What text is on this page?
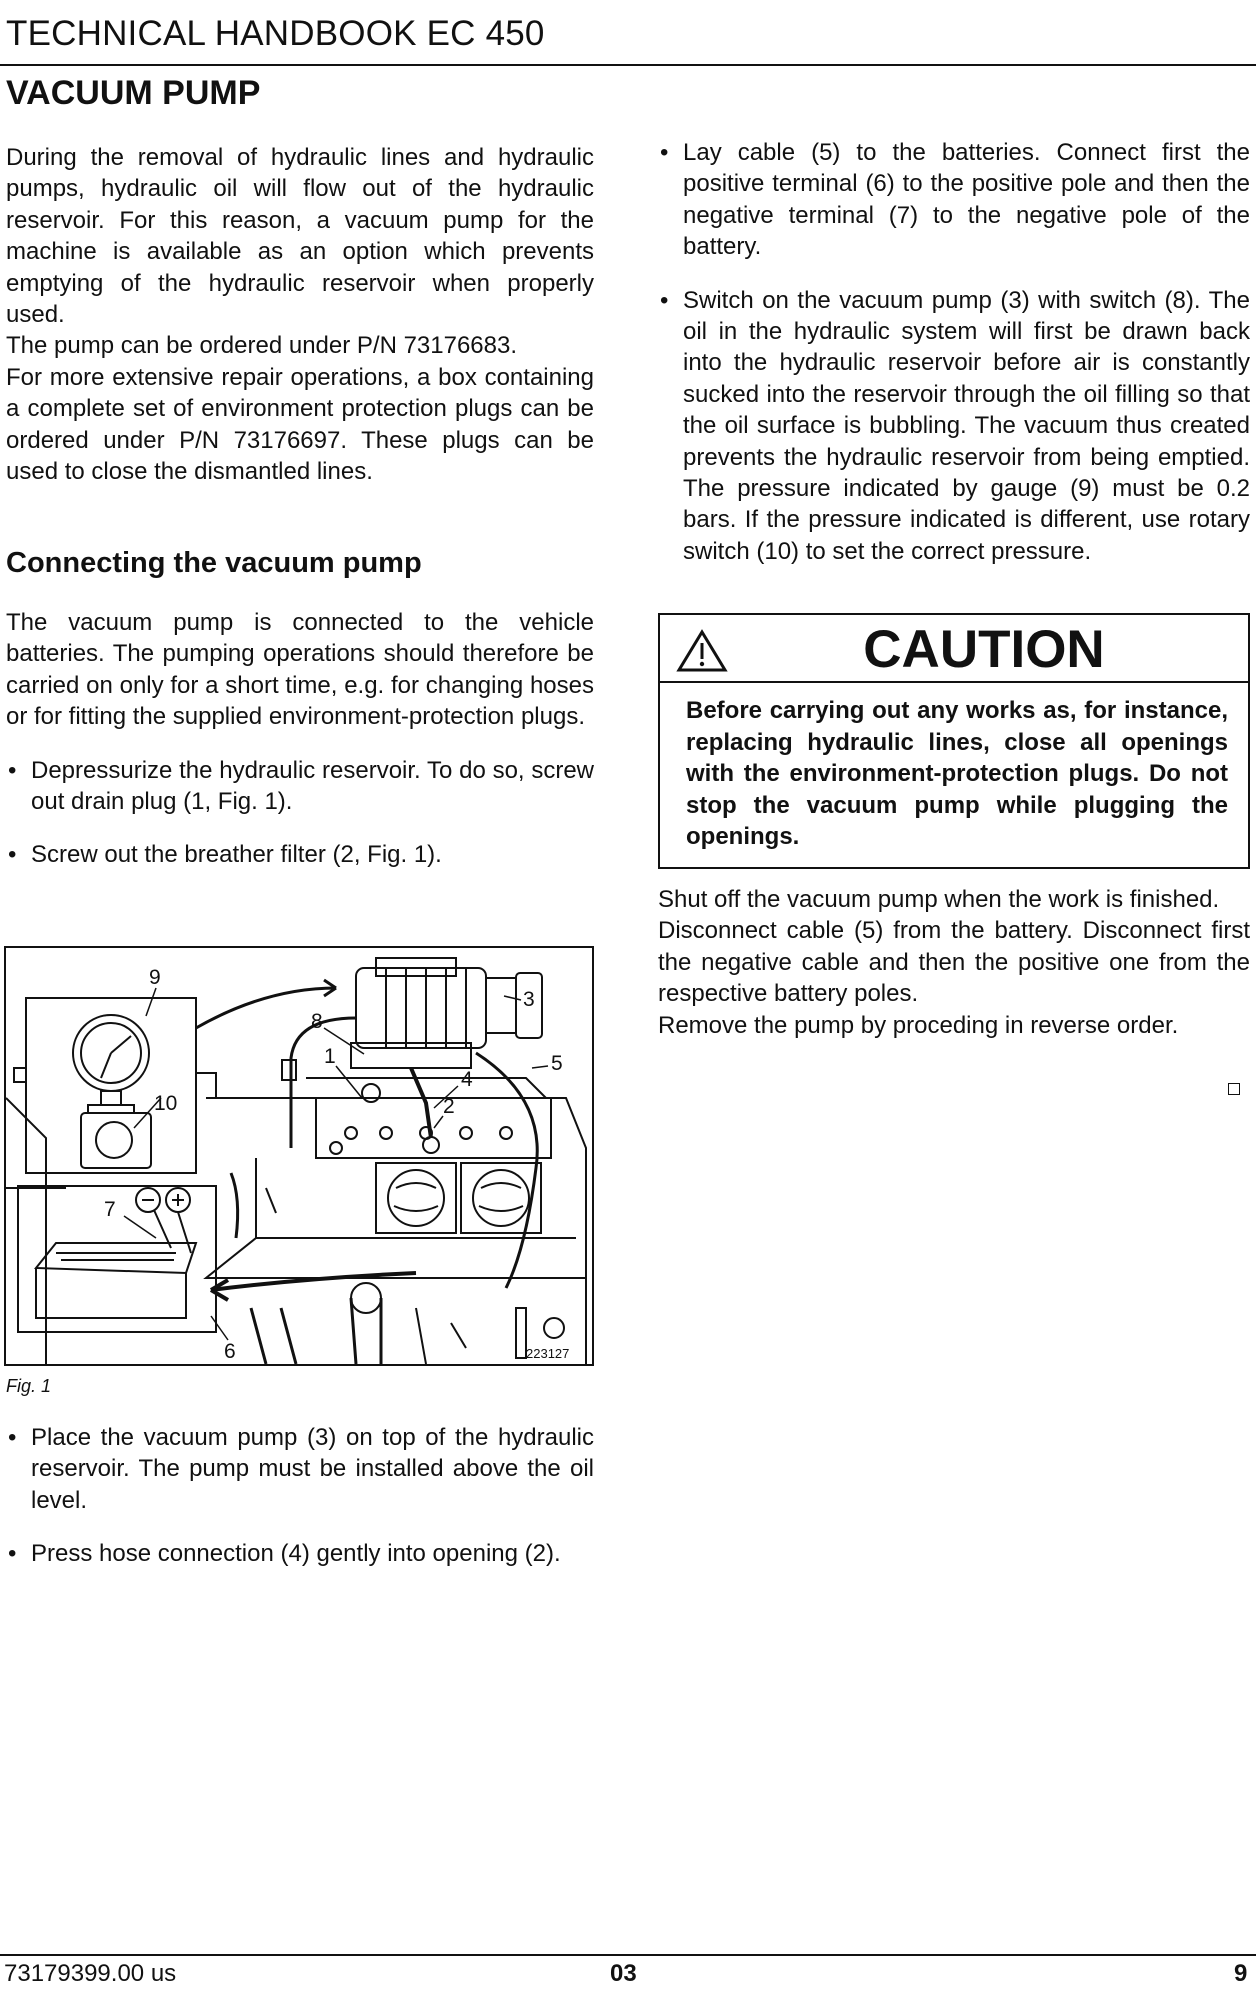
TECHNICAL HANDBOOK EC 450
VACUUM PUMP

During the removal of hydraulic lines and hydraulic pumps, hydraulic oil will flow out of the hydraulic reservoir. For this reason, a vacuum pump for the machine is available as an option which prevents emptying of the hydraulic reservoir when properly used.

The pump can be ordered under P/N 73176683.

For more extensive repair operations, a box containing a complete set of environment protection plugs can be ordered under P/N 73176697. These plugs can be used to close the dismantled lines.

Connecting the vacuum pump

The vacuum pump is connected to the vehicle batteries. The pumping operations should therefore be carried on only for a short time, e.g. for changing hoses or for fitting the supplied environment-protection plugs.

• Depressurize the hydraulic reservoir. To do so, screw out drain plug (1, Fig. 1).

• Screw out the breather filter (2, Fig. 1).

9
3
8
1
4
5
10	2
7
6	223127
Fig. 1

• Place the vacuum pump (3) on top of the hydraulic reservoir. The pump must be installed above the oil level.

• Press hose connection (4) gently into opening (2).

• Lay cable (5) to the batteries. Connect first the positive terminal (6) to the positive pole and then the negative terminal (7) to the negative pole of the battery.

• Switch on the vacuum pump (3) with switch (8). The oil in the hydraulic system will first be drawn back into the hydraulic reservoir before air is constantly sucked into the reservoir through the oil filling so that the oil surface is bubbling. The vacuum thus created prevents the hydraulic reservoir from being emptied. The pressure indicated by gauge (9) must be 0.2 bars. If the pressure indicated is different, use rotary switch (10) to set the correct pressure.

CAUTION
Before carrying out any works as, for instance, replacing hydraulic lines, close all openings with the environment-protection plugs. Do not stop the vacuum pump while plugging the openings.

Shut off the vacuum pump when the work is finished.

Disconnect cable (5) from the battery. Disconnect first the negative cable and then the positive one from the respective battery poles.

Remove the pump by proceding in reverse order.

73179399.00 us	03	9
